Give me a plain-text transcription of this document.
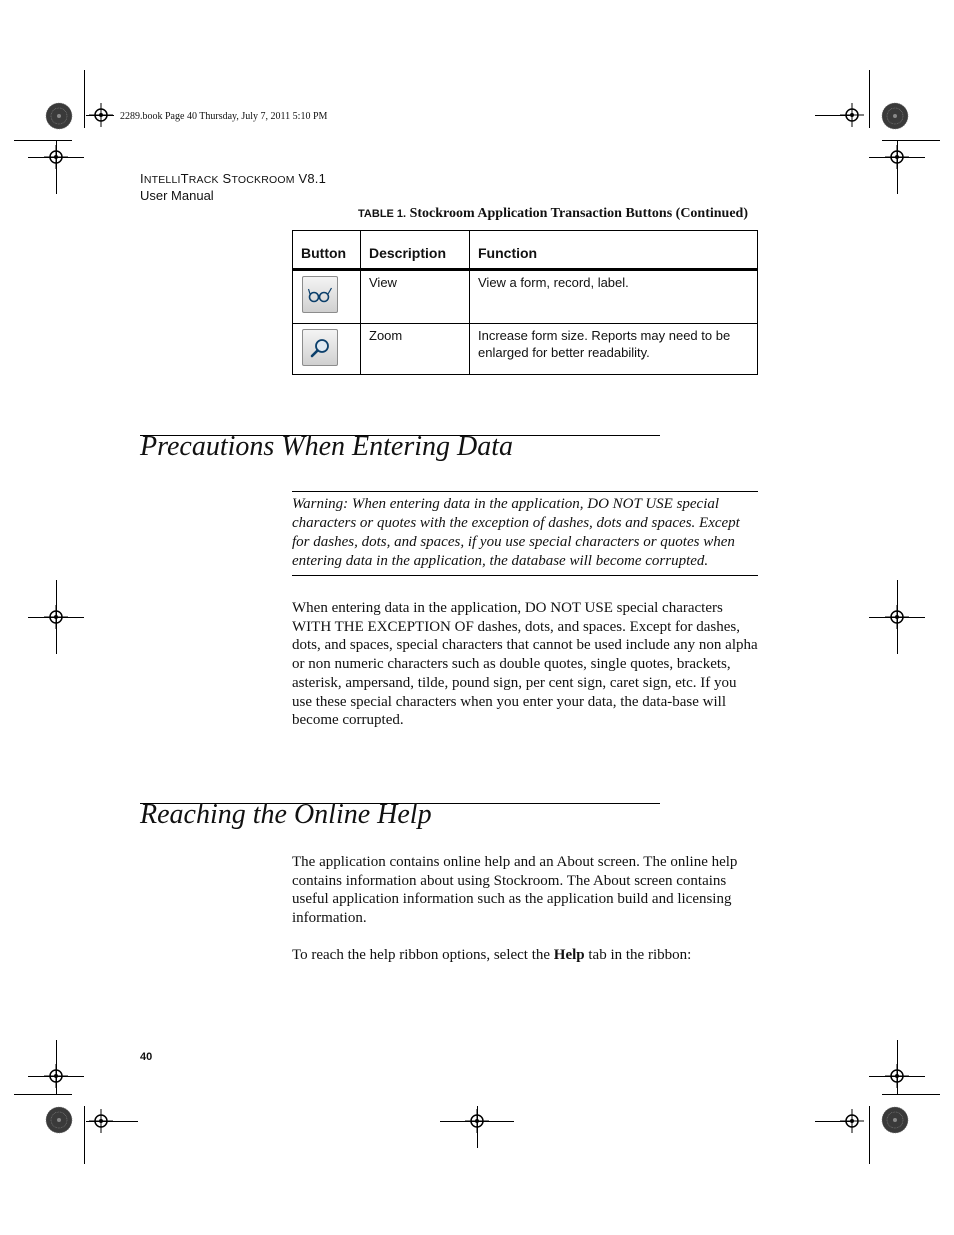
2289.book Page 40 Thursday, July 7, 2011 5:10 PM
INTELLITRACK STOCKROOM V8.1
User Manual
TABLE 1. Stockroom Application Transaction Buttons (Continued)
Button	Description	Function

	View	View a form, record, label.

	Zoom	Increase form size. Reports may need to be enlarged for better readability.
Precautions When Entering Data
Warning: When entering data in the application, DO NOT USE special characters or quotes with the exception of dashes, dots and spaces. Except for dashes, dots, and spaces, if you use special characters or quotes when entering data in the application, the database will become corrupted.
When entering data in the application, DO NOT USE special characters WITH THE EXCEPTION OF dashes, dots, and spaces. Except for dashes, dots, and spaces, special characters that cannot be used include any non alpha or non numeric characters such as double quotes, single quotes, brackets, asterisk, ampersand, tilde, pound sign, per cent sign, caret sign, etc. If you use these special characters when you enter your data, the data-base will become corrupted.
Reaching the Online Help
The application contains online help and an About screen. The online help contains information about using Stockroom. The About screen contains useful application information such as the application build and licensing information.
To reach the help ribbon options, select the Help tab in the ribbon:
40
